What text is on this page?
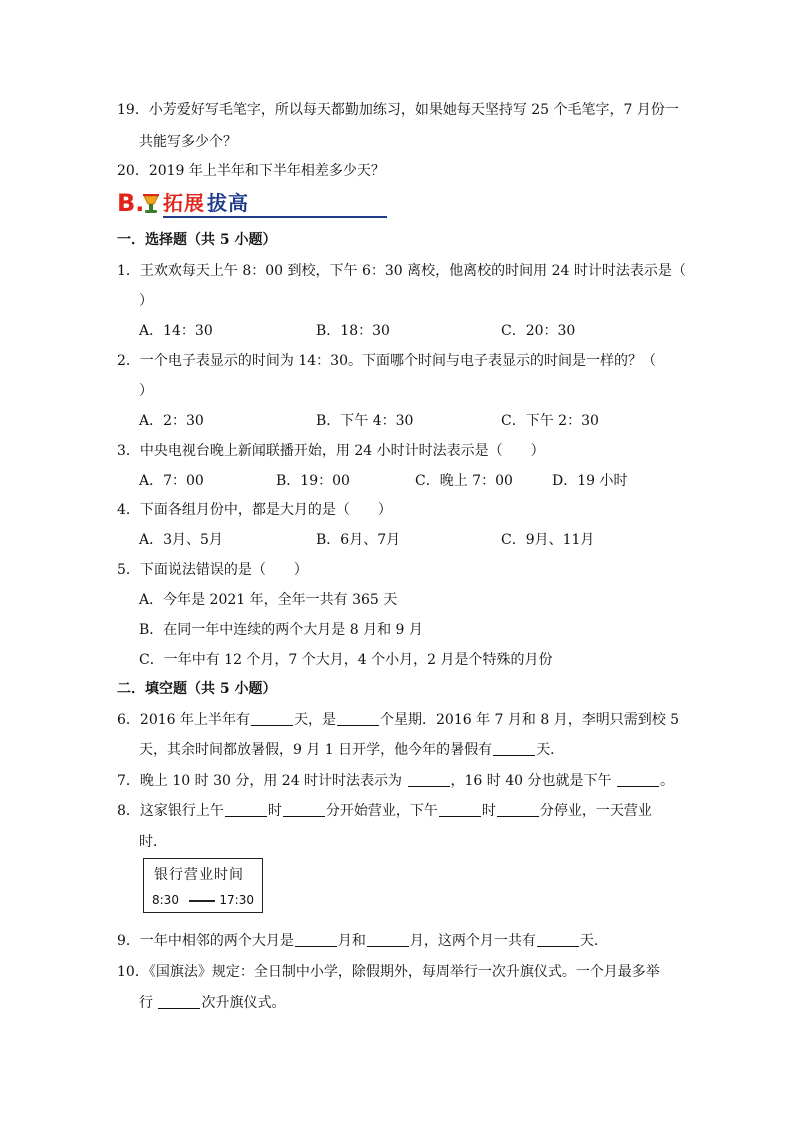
19．小芳爱好写毛笔字，所以每天都勤加练习，如果她每天坚持写 25 个毛笔字，7 月份一
共能写多少个？
20．2019 年上半年和下半年相差多少天？
B. 拓展 拔高
一．选择题（共 5 小题）
1．王欢欢每天上午 8：00 到校，下午 6：30 离校，他离校的时间用 24 时计时法表示是（
）
A．14：30	B．18：30	C．20：30
2．一个电子表显示的时间为 14：30。下面哪个时间与电子表显示的时间是一样的？（
）
A．2：30	B．下午 4：30	C．下午 2：30
3．中央电视台晚上新闻联播开始，用 24 小时计时法表示是（　　）
A．7：00	B．19：00	C．晚上 7：00	D．19 小时
4．下面各组月份中，都是大月的是（　　）
A．3月、5月	B．6月、7月	C．9月、11月
5．下面说法错误的是（　　）
A．今年是 2021 年，全年一共有 365 天
B．在同一年中连续的两个大月是 8 月和 9 月
C．一年中有 12 个月，7 个大月，4 个小月，2 月是个特殊的月份
二．填空题（共 5 小题）
6．2016 年上半年有	天，是	个星期．2016 年 7 月和 8 月，李明只需到校 5
天，其余时间都放暑假，9 月 1 日开学，他今年的暑假有	天．
7．晚上 10 时 30 分，用 24 时计时法表示为	，16 时 40 分也就是下午	。
8．这家银行上午	时	分开始营业，下午	时	分停业，一天营业
时．
银行营业时间
8:30	17:30
9．一年中相邻的两个大月是	月和	月，这两个月一共有	天．
10．《国旗法》规定：全日制中小学，除假期外，每周举行一次升旗仪式。一个月最多举
行	次升旗仪式。
